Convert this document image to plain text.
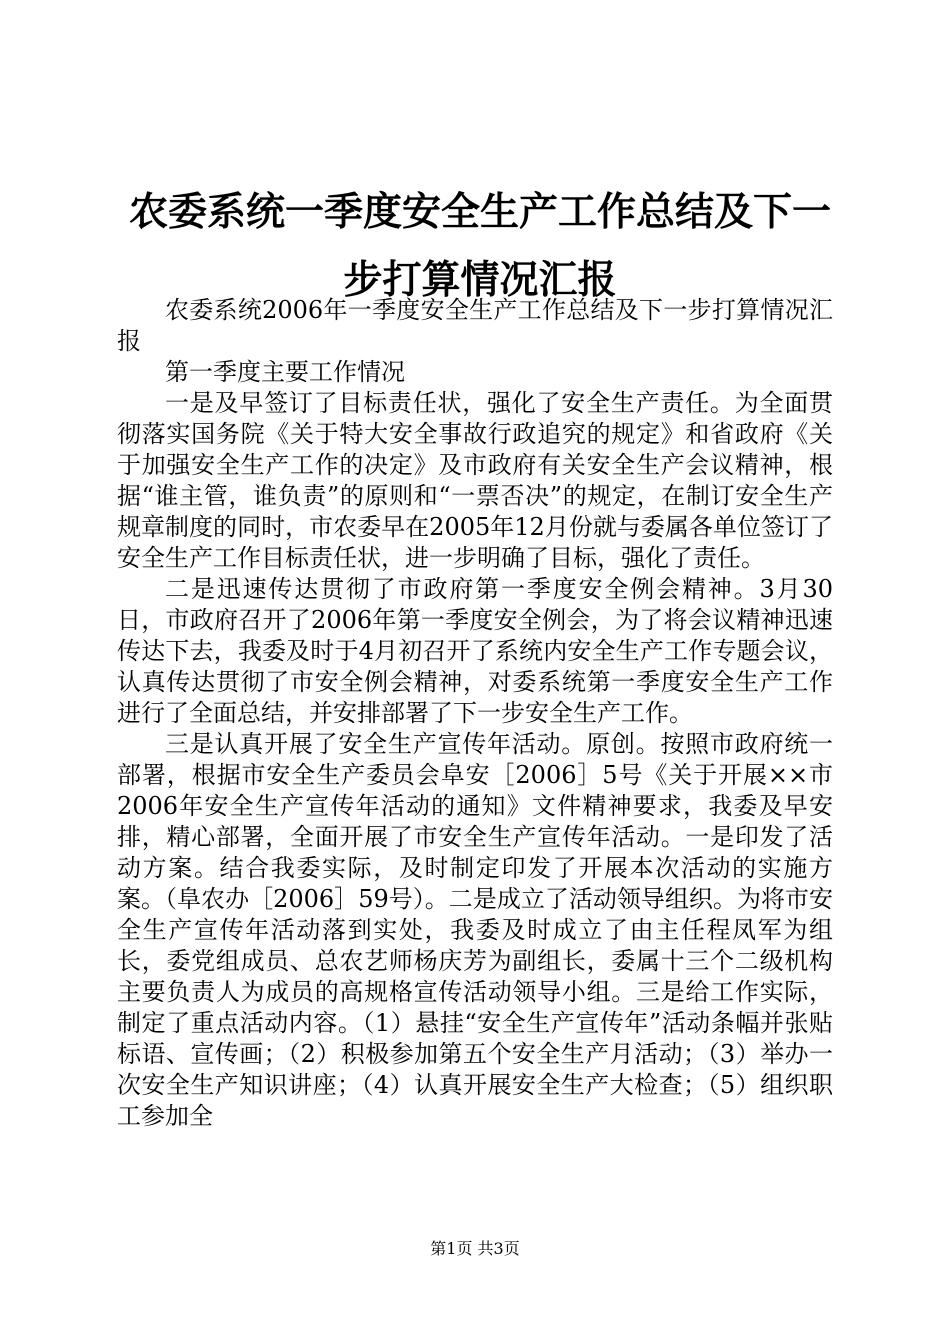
农委系统一季度安全生产工作总结及下一步打算情况汇报

农委系统2006年一季度安全生产工作总结及下一步打算情况汇报

第一季度主要工作情况

一是及早签订了目标责任状，强化了安全生产责任。为全面贯彻落实国务院《关于特大安全事故行政追究的规定》和省政府《关于加强安全生产工作的决定》及市政府有关安全生产会议精神，根据“谁主管，谁负责”的原则和“一票否决”的规定，在制订安全生产规章制度的同时，市农委早在2005年12月份就与委属各单位签订了安全生产工作目标责任状，进一步明确了目标，强化了责任。

二是迅速传达贯彻了市政府第一季度安全例会精神。3月30日，市政府召开了2006年第一季度安全例会，为了将会议精神迅速传达下去，我委及时于4月初召开了系统内安全生产工作专题会议，认真传达贯彻了市安全例会精神，对委系统第一季度安全生产工作进行了全面总结，并安排部署了下一步安全生产工作。

三是认真开展了安全生产宣传年活动。原创。按照市政府统一部署，根据市安全生产委员会阜安［2006］5号《关于开展××市2006年安全生产宣传年活动的通知》文件精神要求，我委及早安排，精心部署，全面开展了市安全生产宣传年活动。一是印发了活动方案。结合我委实际，及时制定印发了开展本次活动的实施方案。（阜农办［2006］59号）。二是成立了活动领导组织。为将市安全生产宣传年活动落到实处，我委及时成立了由主任程凤军为组长，委党组成员、总农艺师杨庆芳为副组长，委属十三个二级机构主要负责人为成员的高规格宣传活动领导小组。三是给工作实际，制定了重点活动内容。（1）悬挂“安全生产宣传年”活动条幅并张贴标语、宣传画；（2）积极参加第五个安全生产月活动；（3）举办一次安全生产知识讲座；（4）认真开展安全生产大检查；（5）组织职工参加全

第1页 共3页
